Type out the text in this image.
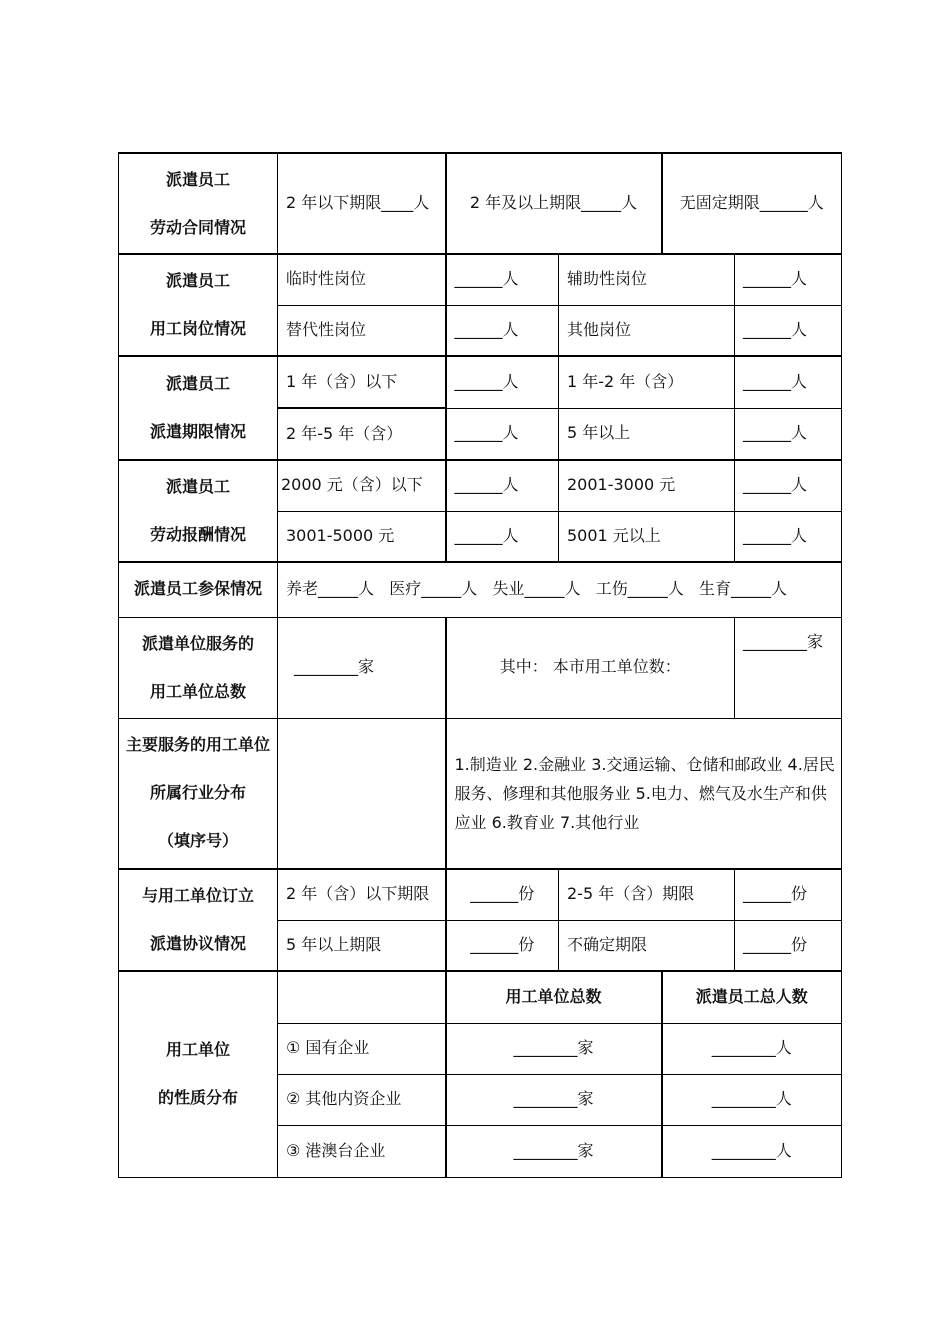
派遣员工
劳动合同情况	2 年以下期限____人	2 年及以上期限_____人		无固定期限______人	

派遣员工
用工岗位情况	临时性岗位	______人	辅助性岗位		______人
	替代性岗位	______人	其他岗位		______人

派遣员工
派遣期限情况	1 年（含）以下	______人	1 年-2 年（含）		______人
	2 年-5 年（含）	______人	5 年以上		______人

派遣员工
劳动报酬情况	2000 元（含）以下	______人	2001-3000 元		______人
	3001-5000 元	______人	5001 元以上		______人
派遣员工参保情况	养老_____人   医疗_____人   失业_____人   工伤_____人   生育_____人				

派遣单位服务的
用工单位总数	________家	其中： 本市用工单位数：			________家

主要服务的用工单位
所属行业分布
（填序号）		1.制造业 2.金融业 3.交通运输、仓储和邮政业 4.居民服务、修理和其他服务业 5.电力、燃气及水生产和供应业 6.教育业 7.其他行业			

与用工单位订立
派遣协议情况	2 年（含）以下期限	______份	2-5 年（含）期限		______份
	5 年以上期限	______份	不确定期限		______份

用工单位
的性质分布		用工单位总数		派遣员工总人数	
	① 国有企业	________家		________人	
	② 其他内资企业	________家		________人	
	③ 港澳台企业	________家		________人	
